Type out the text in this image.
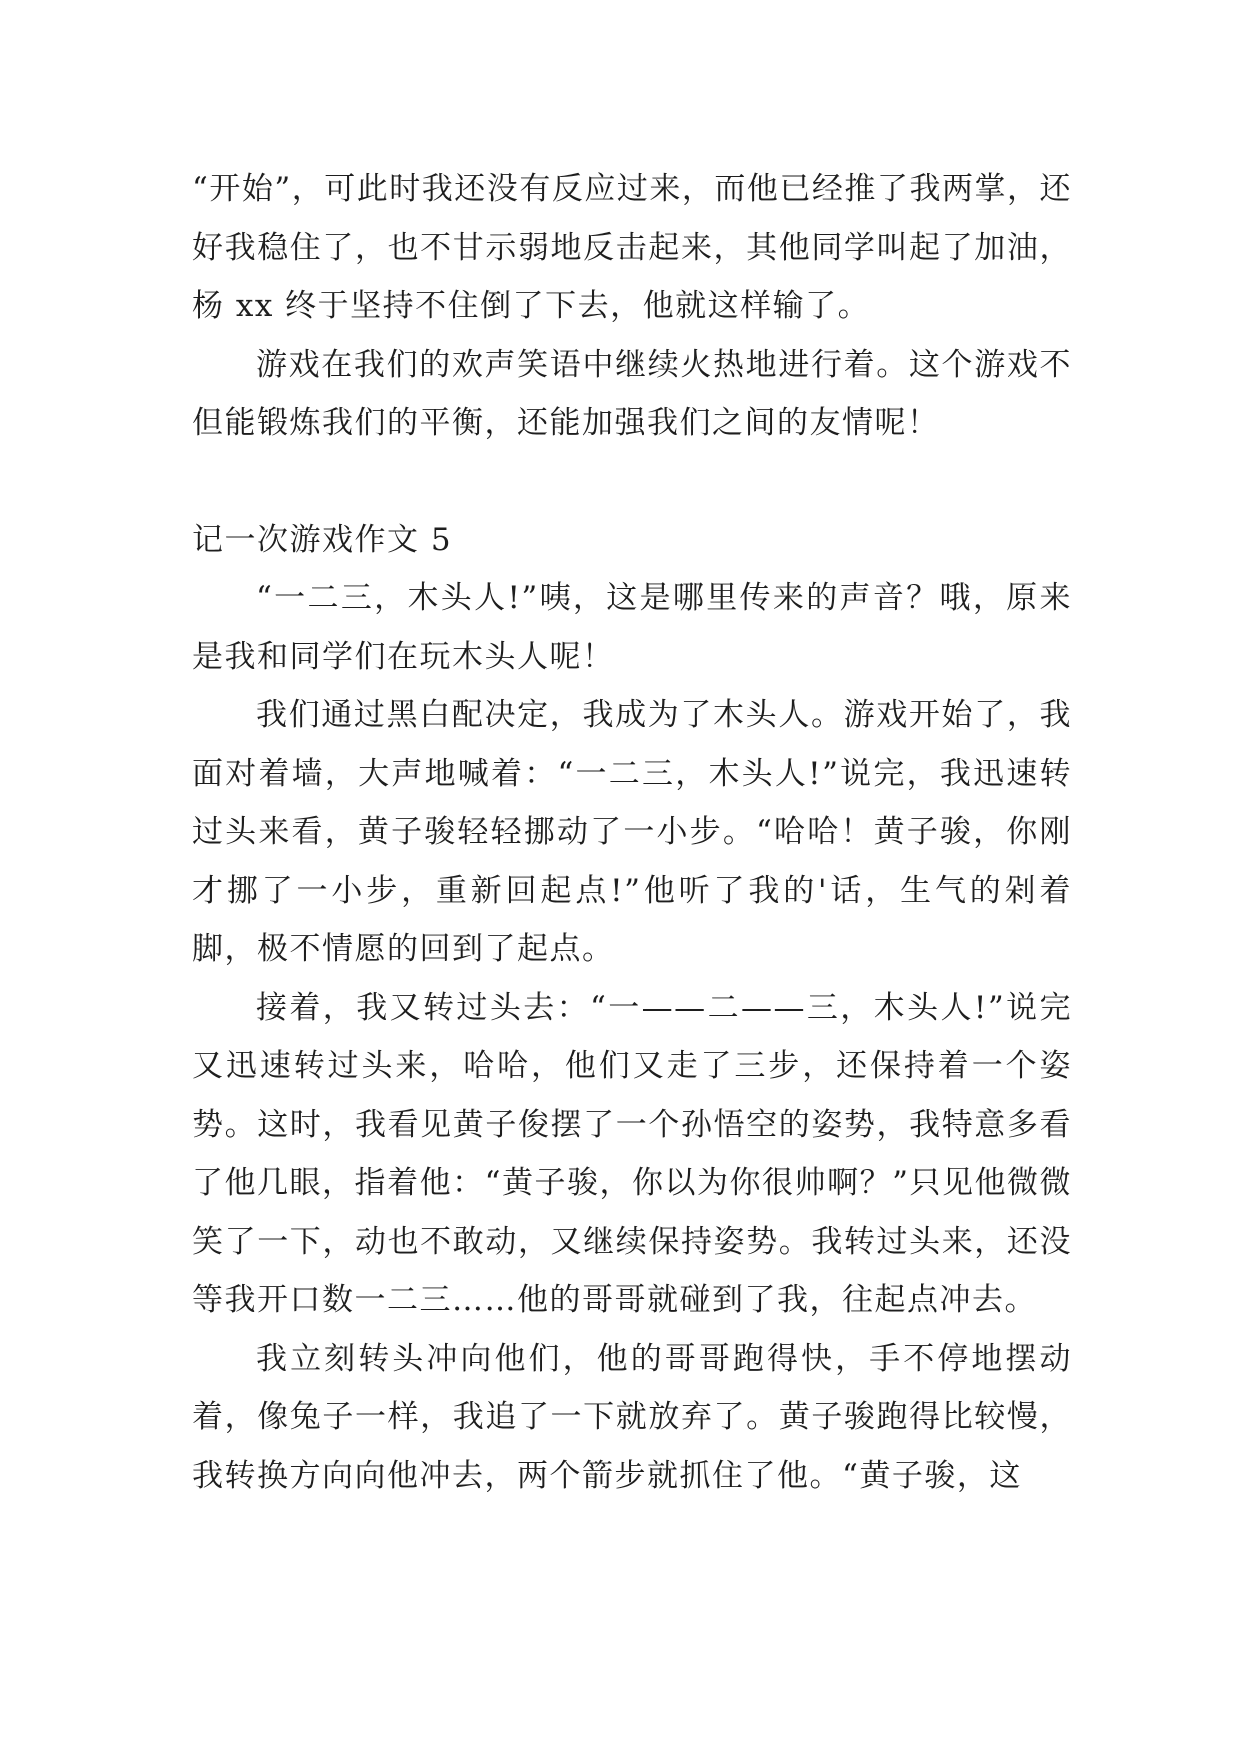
“开始”，可此时我还没有反应过来，而他已经推了我两掌，还好我稳住了，也不甘示弱地反击起来，其他同学叫起了加油，杨 xx 终于坚持不住倒了下去，他就这样输了。

游戏在我们的欢声笑语中继续火热地进行着。这个游戏不但能锻炼我们的平衡，还能加强我们之间的友情呢！

记一次游戏作文 5

“一二三，木头人!”咦，这是哪里传来的声音？哦，原来是我和同学们在玩木头人呢！

我们通过黑白配决定，我成为了木头人。游戏开始了，我面对着墙，大声地喊着：“一二三，木头人!”说完，我迅速转过头来看，黄子骏轻轻挪动了一小步。“哈哈！黄子骏，你刚才挪了一小步，重新回起点!”他听了我的'话，生气的剁着脚，极不情愿的回到了起点。

接着，我又转过头去：“一——二——三，木头人!”说完又迅速转过头来，哈哈，他们又走了三步，还保持着一个姿势。这时，我看见黄子俊摆了一个孙悟空的姿势，我特意多看了他几眼，指着他：“黄子骏，你以为你很帅啊？”只见他微微笑了一下，动也不敢动，又继续保持姿势。我转过头来，还没等我开口数一二三……他的哥哥就碰到了我，往起点冲去。

我立刻转头冲向他们，他的哥哥跑得快，手不停地摆动着，像兔子一样，我追了一下就放弃了。黄子骏跑得比较慢，我转换方向向他冲去，两个箭步就抓住了他。“黄子骏，这
